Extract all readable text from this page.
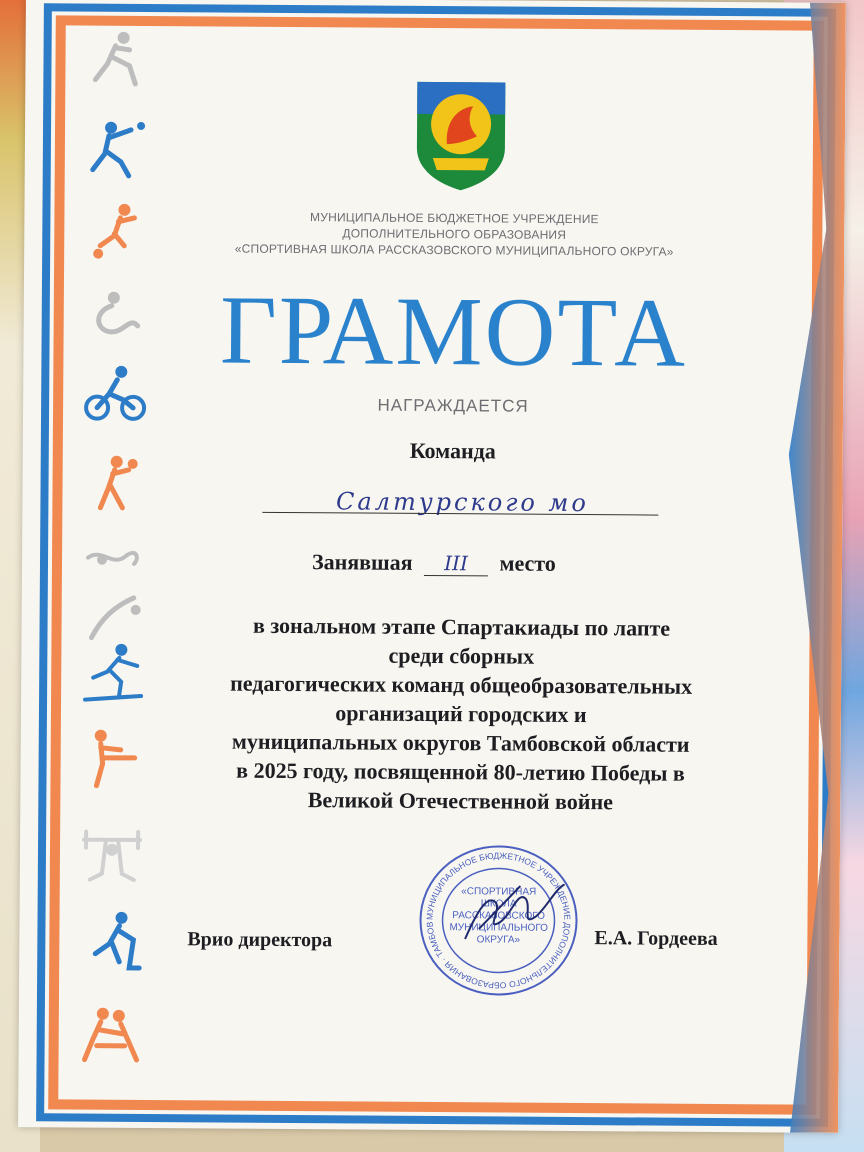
МУНИЦИПАЛЬНОЕ БЮДЖЕТНОЕ УЧРЕЖДЕНИЕ
ДОПОЛНИТЕЛЬНОГО ОБРАЗОВАНИЯ
«СПОРТИВНАЯ ШКОЛА РАССКАЗОВСКОГО МУНИЦИПАЛЬНОГО ОКРУГА»
ГРАМОТА
НАГРАЖДАЕТСЯ
Команда
Салтурского мо
Занявшая III место
в зональном этапе Спартакиады по лапте
среди сборных
педагогических команд общеобразовательных
организаций городских и
муниципальных округов Тамбовской области
в 2025 году, посвященной 80-летию Победы в
Великой Отечественной войне
МУНИЦИПАЛЬНОЕ БЮДЖЕТНОЕ УЧРЕЖДЕНИЕ ДОПОЛНИТЕЛЬНОГО ОБРАЗОВАНИЯ · ТАМБОВСКАЯ
«СПОРТИВНАЯ ШКОЛА РАССКАЗОВСКОГО МУНИЦИПАЛЬНОГО ОКРУГА»
Врио директора	Е.А. Гордеева
